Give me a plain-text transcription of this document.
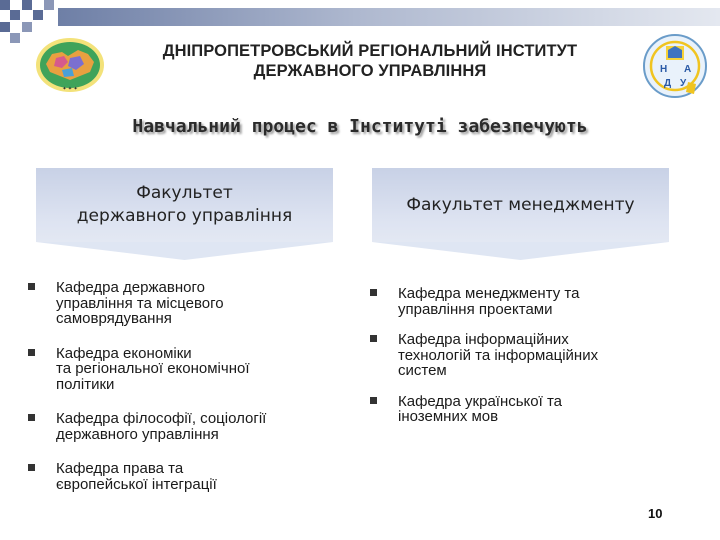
✦ ✦ ✦
ДНІПРОПЕТРОВСЬКИЙ РЕГІОНАЛЬНИЙ ІНСТИТУТ
ДЕРЖАВНОГО УПРАВЛІННЯ	Н А
Д У
Навчальний процес в Інституті забезпечують
Факультет
державного управління
Факультет менеджменту
Кафедра державного
управління та місцевого
самоврядування
Кафедра економіки
та регіональної економічної
політики
Кафедра філософії, соціології
державного управління
Кафедра права та
європейської інтеграції
Кафедра менеджменту та
управління проектами
Кафедра інформаційних
технологій та інформаційних
систем
Кафедра української та
іноземних мов
10
